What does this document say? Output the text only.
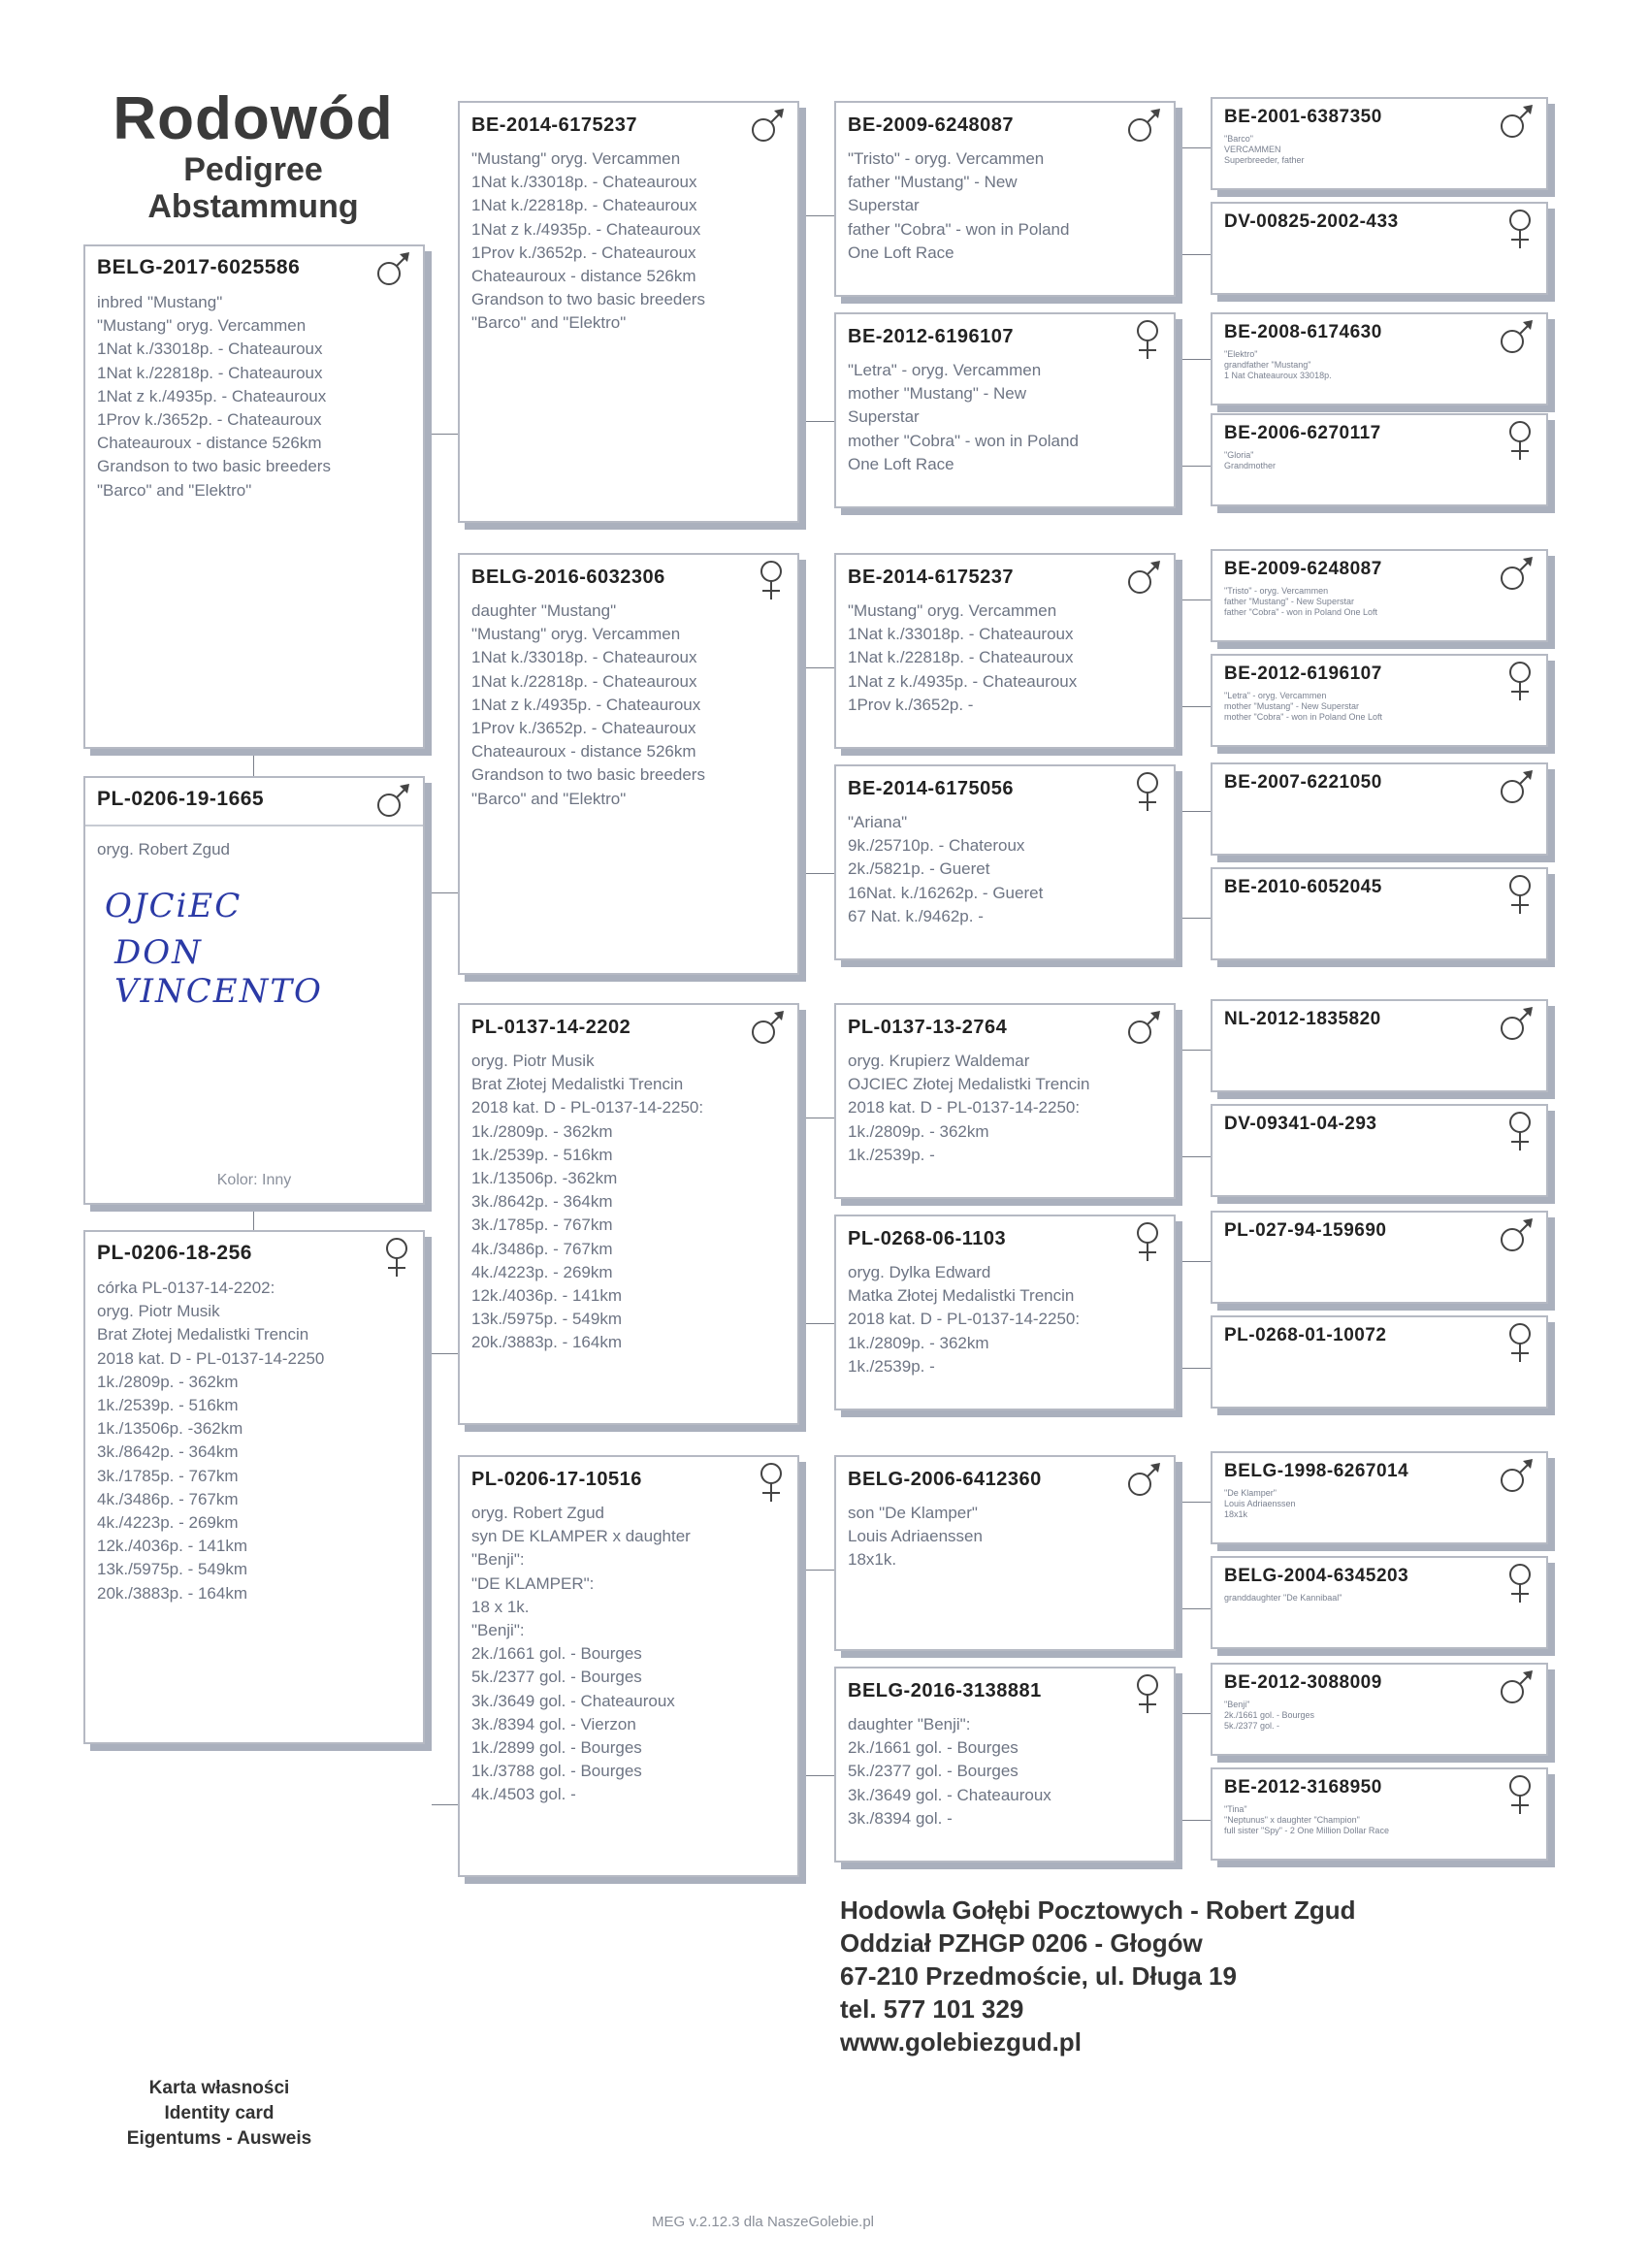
Rodowód
Pedigree
Abstammung
BELG-2017-6025586
inbred "Mustang"
"Mustang" oryg. Vercammen
1Nat k./33018p. - Chateauroux
1Nat k./22818p. - Chateauroux
1Nat z k./4935p. - Chateauroux
1Prov k./3652p. - Chateauroux
Chateauroux - distance 526km
Grandson to two basic breeders
"Barco" and "Elektro"
PL-0206-19-1665
oryg. Robert Zgud
OJCiEC
DON VINCENTO
Kolor: Inny
PL-0206-18-256
córka PL-0137-14-2202:
oryg. Piotr Musik
Brat Złotej Medalistki Trencin
2018 kat. D - PL-0137-14-2250
1k./2809p. - 362km
1k./2539p. - 516km
1k./13506p. -362km
3k./8642p. - 364km
3k./1785p. - 767km
4k./3486p. - 767km
4k./4223p. - 269km
12k./4036p. - 141km
13k./5975p. - 549km
20k./3883p. - 164km
BE-2014-6175237
"Mustang" oryg. Vercammen
1Nat k./33018p. - Chateauroux
1Nat k./22818p. - Chateauroux
1Nat z k./4935p. - Chateauroux
1Prov k./3652p. - Chateauroux
Chateauroux - distance 526km
Grandson to two basic breeders
"Barco" and "Elektro"
BELG-2016-6032306
daughter "Mustang"
"Mustang" oryg. Vercammen
1Nat k./33018p. - Chateauroux
1Nat k./22818p. - Chateauroux
1Nat z k./4935p. - Chateauroux
1Prov k./3652p. - Chateauroux
Chateauroux - distance 526km
Grandson to two basic breeders
"Barco" and "Elektro"
PL-0137-14-2202
oryg. Piotr Musik
Brat Złotej Medalistki Trencin
2018 kat. D - PL-0137-14-2250:
1k./2809p. - 362km
1k./2539p. - 516km
1k./13506p. -362km
3k./8642p. - 364km
3k./1785p. - 767km
4k./3486p. - 767km
4k./4223p. - 269km
12k./4036p. - 141km
13k./5975p. - 549km
20k./3883p. - 164km
PL-0206-17-10516
oryg. Robert Zgud
syn DE KLAMPER x daughter
"Benji":
"DE KLAMPER":
18 x 1k.
"Benji":
2k./1661 gol. - Bourges
5k./2377 gol. - Bourges
3k./3649 gol. - Chateauroux
3k./8394 gol. - Vierzon
1k./2899 gol. - Bourges
1k./3788 gol. - Bourges
4k./4503 gol. -
BE-2009-6248087
"Tristo" - oryg. Vercammen
father "Mustang" - New
Superstar
father "Cobra" - won in Poland
One Loft Race
BE-2012-6196107
"Letra" - oryg. Vercammen
mother "Mustang" - New
Superstar
mother "Cobra" - won in Poland
One Loft Race
BE-2014-6175237
"Mustang" oryg. Vercammen
1Nat k./33018p. - Chateauroux
1Nat k./22818p. - Chateauroux
1Nat z k./4935p. - Chateauroux
1Prov k./3652p. -
BE-2014-6175056
"Ariana"
9k./25710p. - Chateroux
2k./5821p. - Gueret
16Nat. k./16262p. - Gueret
67 Nat. k./9462p. -
PL-0137-13-2764
oryg. Krupierz Waldemar
OJCIEC Złotej Medalistki Trencin
2018 kat. D - PL-0137-14-2250:
1k./2809p. - 362km
1k./2539p. -
PL-0268-06-1103
oryg. Dylka Edward
Matka Złotej Medalistki Trencin
2018 kat. D - PL-0137-14-2250:
1k./2809p. - 362km
1k./2539p. -
BELG-2006-6412360
son "De Klamper"
Louis Adriaenssen
18x1k.
BELG-2016-3138881
daughter "Benji":
2k./1661 gol. - Bourges
5k./2377 gol. - Bourges
3k./3649 gol. - Chateauroux
3k./8394 gol. -
BE-2001-6387350
"Barco"
VERCAMMEN
Superbreeder, father
DV-00825-2002-433
BE-2008-6174630
"Elektro"
grandfather "Mustang"
1 Nat Chateauroux 33018p.
BE-2006-6270117
"Gloria"
Grandmother
BE-2009-6248087
"Tristo" - oryg. Vercammen
father "Mustang" - New Superstar
father "Cobra" - won in Poland One Loft
BE-2012-6196107
"Letra" - oryg. Vercammen
mother "Mustang" - New Superstar
mother "Cobra" - won in Poland One Loft
BE-2007-6221050
BE-2010-6052045
NL-2012-1835820
DV-09341-04-293
PL-027-94-159690
PL-0268-01-10072
BELG-1998-6267014
"De Klamper"
Louis Adriaenssen
18x1k
BELG-2004-6345203
granddaughter "De Kannibaal"
BE-2012-3088009
"Benji"
2k./1661 gol. - Bourges
5k./2377 gol. -
BE-2012-3168950
"Tina"
"Neptunus" x daughter "Champion"
full sister "Spy" - 2 One Million Dollar Race
Hodowla Gołębi Pocztowych - Robert Zgud
Oddział PZHGP 0206 - Głogów
67-210 Przedmoście, ul. Długa 19
tel. 577 101 329
www.golebiezgud.pl
Karta własności
Identity card
Eigentums - Ausweis
MEG v.2.12.3 dla NaszeGolebie.pl
